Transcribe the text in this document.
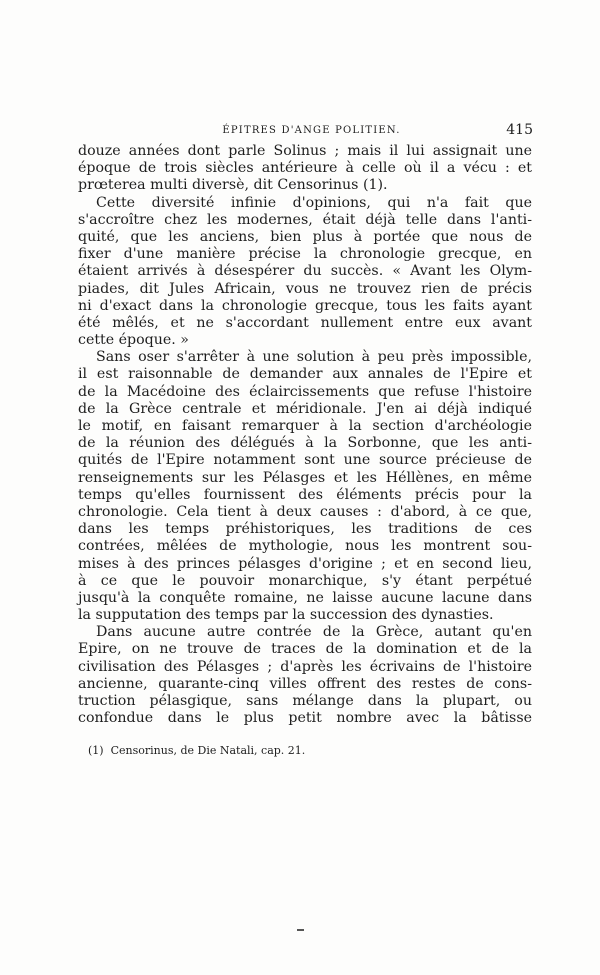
ÉPITRES D'ANGE POLITIEN.	415
douze années dont parle Solinus ; mais il lui assignait une
époque de trois siècles antérieure à celle où il a vécu : et
prœterea multi diversè, dit Censorinus (1).
Cette diversité infinie d'opinions, qui n'a fait que
s'accroître chez les modernes, était déjà telle dans l'anti-
quité, que les anciens, bien plus à portée que nous de
fixer d'une manière précise la chronologie grecque, en
étaient arrivés à désespérer du succès. « Avant les Olym-
piades, dit Jules Africain, vous ne trouvez rien de précis
ni d'exact dans la chronologie grecque, tous les faits ayant
été mêlés, et ne s'accordant nullement entre eux avant
cette époque. »
Sans oser s'arrêter à une solution à peu près impossible,
il est raisonnable de demander aux annales de l'Epire et
de la Macédoine des éclaircissements que refuse l'histoire
de la Grèce centrale et méridionale. J'en ai déjà indiqué
le motif, en faisant remarquer à la section d'archéologie
de la réunion des délégués à la Sorbonne, que les anti-
quités de l'Epire notamment sont une source précieuse de
renseignements sur les Pélasges et les Héllènes, en même
temps qu'elles fournissent des éléments précis pour la
chronologie. Cela tient à deux causes : d'abord, à ce que,
dans les temps préhistoriques, les traditions de ces
contrées, mêlées de mythologie, nous les montrent sou-
mises à des princes pélasges d'origine ; et en second lieu,
à ce que le pouvoir monarchique, s'y étant perpétué
jusqu'à la conquête romaine, ne laisse aucune lacune dans
la supputation des temps par la succession des dynasties.
Dans aucune autre contrée de la Grèce, autant qu'en
Epire, on ne trouve de traces de la domination et de la
civilisation des Pélasges ; d'après les écrivains de l'histoire
ancienne, quarante-cinq villes offrent des restes de cons-
truction pélasgique, sans mélange dans la plupart, ou
confondue dans le plus petit nombre avec la bâtisse
(1) Censorinus, de Die Natali, cap. 21.
